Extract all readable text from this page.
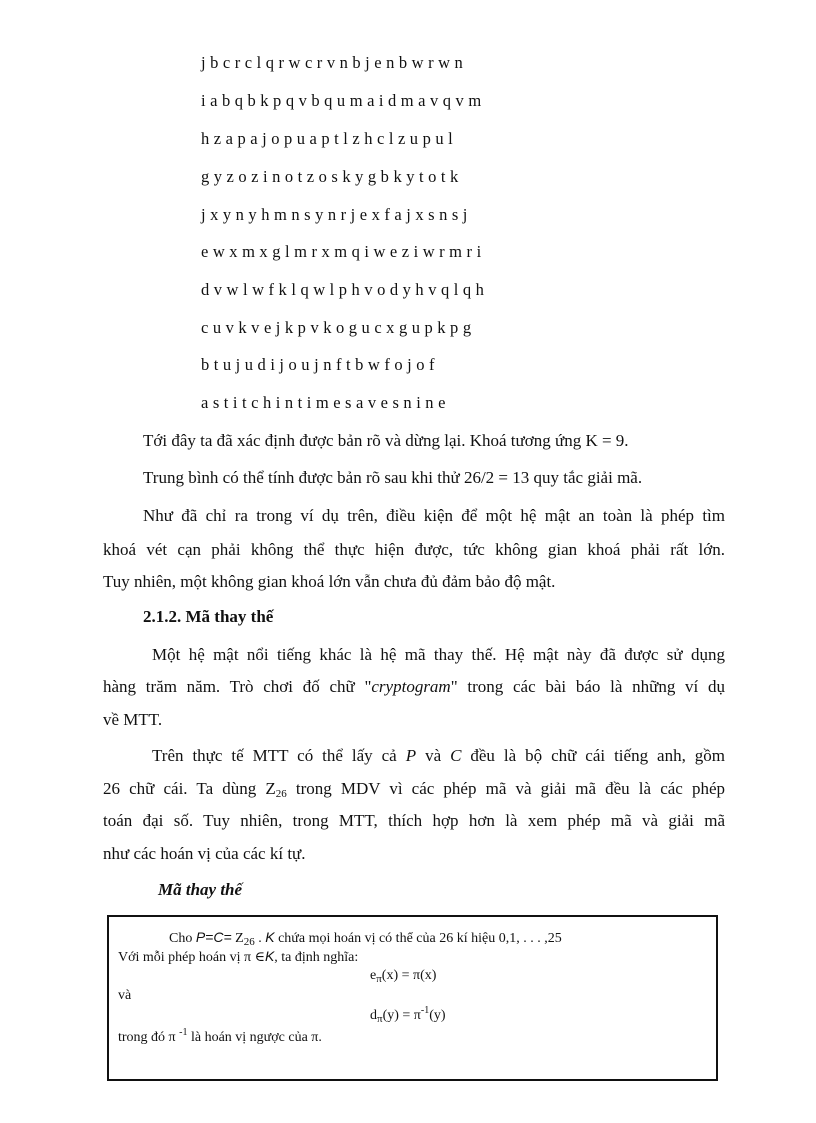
j b c r c l q r w c r v n b j e n b w r w n
i a b q b k p q v b q u m a i d m a v q v m
h z a p a j o p u a p t l z h c l z u p u l
g y z o z i n o t z o s k y g b k y t o t k
j x y n y h m n s y n r j e x f a j x s n s j
e w x m x g l m r x m q i w e z i w r m r i
d v w l w f k l q w l p h v o d y h v q l q h
c u v k v e j k p v k o g u c x g u p k p g
b t u j u d i j o u j n f t b w f o j o f
a s t i t c h i n t i m e s a v e s n i n e
Tới đây ta đã xác định được bản rõ và dừng lại. Khoá tương ứng K = 9.
Trung bình có thể tính được bản rõ sau khi thử 26/2 = 13 quy tắc giải mã.
Như đã chỉ ra trong ví dụ trên, điều kiện để một hệ mật an toàn là phép tìm
khoá vét cạn phải không thể thực hiện được, tức không gian khoá phải rất lớn.
Tuy nhiên, một không gian khoá lớn vẫn chưa đủ đảm bảo độ mật.
2.1.2. Mã thay thế
Một hệ mật nổi tiếng khác là hệ mã thay thế. Hệ mật này đã được sử dụng
hàng trăm năm. Trò chơi đố chữ "cryptogram" trong các bài báo là những ví dụ
về MTT.
Trên thực tế MTT có thể lấy cả P và C đều là bộ chữ cái tiếng anh, gồm
26 chữ cái. Ta dùng $Z_{26}$ trong MDV vì các phép mã và giải mã đều là các phép
toán đại số. Tuy nhiên, trong MTT, thích hợp hơn là xem phép mã và giải mã
như các hoán vị của các kí tự.
Mã thay thế
Cho $P=C= Z_{26}$ . K chứa mọi hoán vị có thể của 26 kí hiệu 0,1, . . . ,25
Với mỗi phép hoán vị π ∈K, ta định nghĩa:
$e_\pi(x) = \pi(x)$
và
$d_\pi(y) = \pi^{-1}(y)$
trong đó π $^{-1}$ là hoán vị ngược của π.
